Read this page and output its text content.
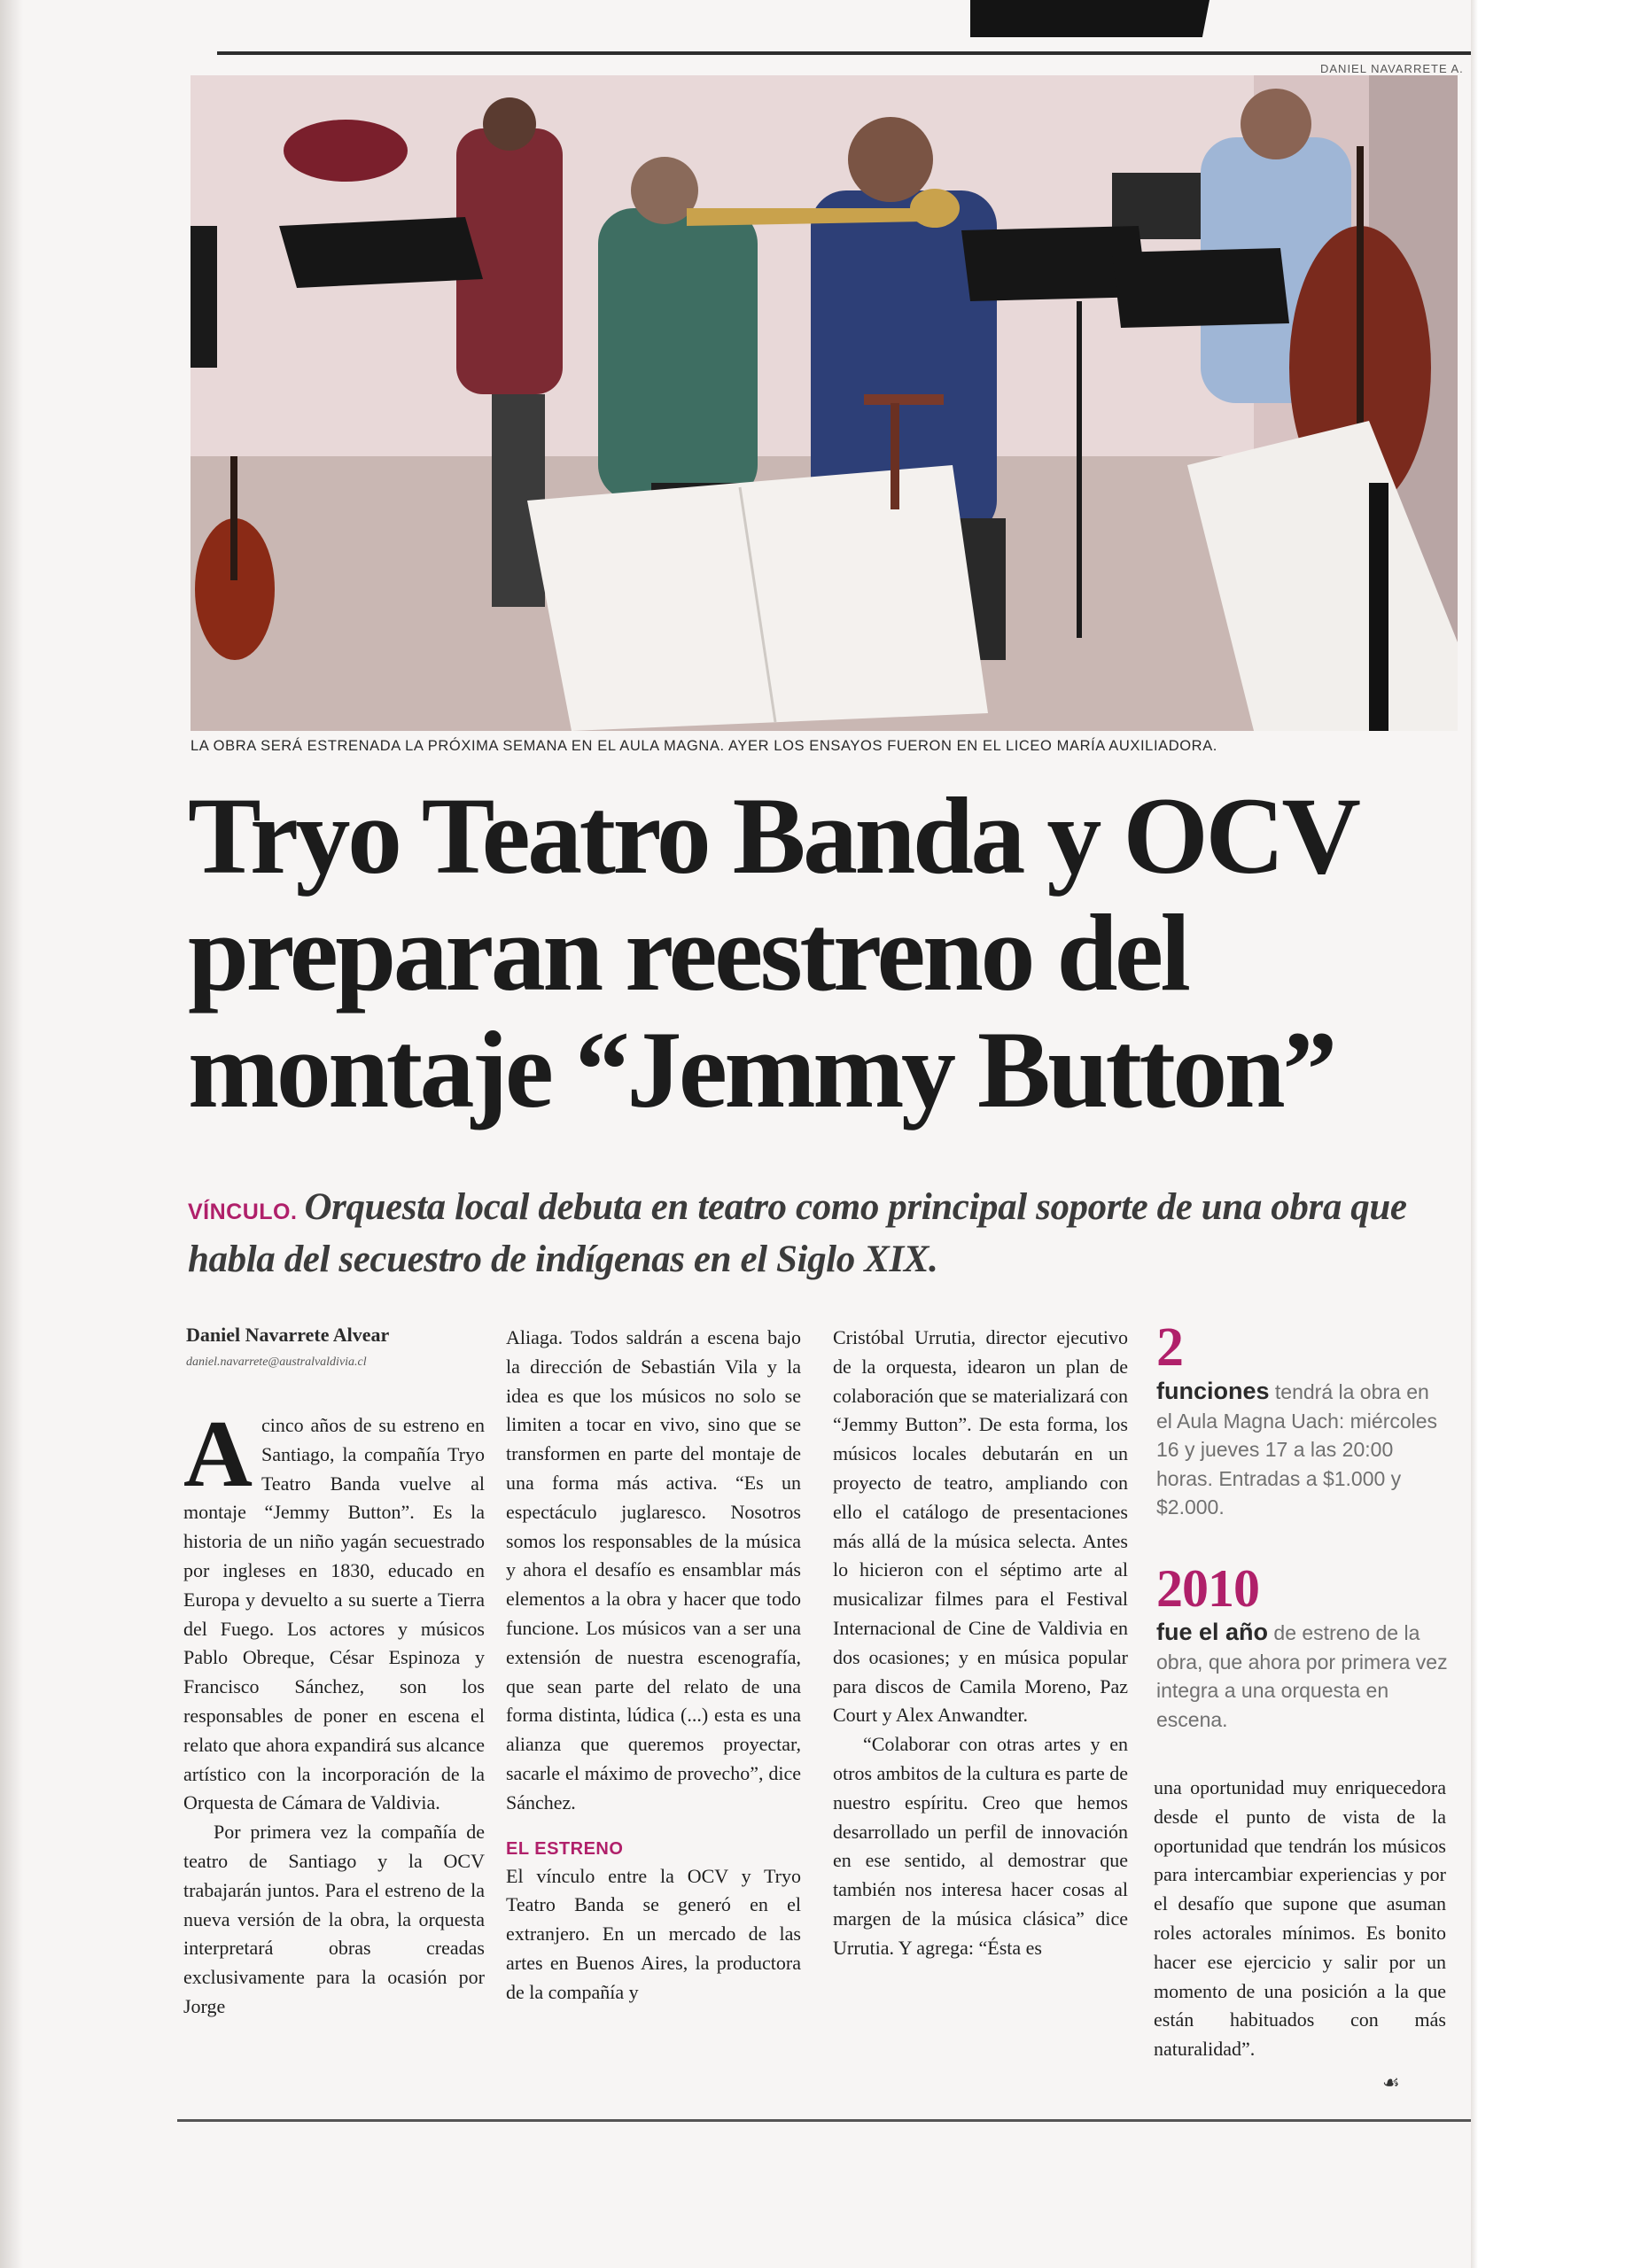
DANIEL NAVARRETE A.
LA OBRA SERÁ ESTRENADA LA PRÓXIMA SEMANA EN EL AULA MAGNA. AYER LOS ENSAYOS FUERON EN EL LICEO MARÍA AUXILIADORA.
Tryo Teatro Banda y OCV
preparan reestreno del
montaje “Jemmy Button”
VÍNCULO. Orquesta local debuta en teatro como principal soporte de una obra que habla del secuestro de indígenas en el Siglo XIX.
Daniel Navarrete Alvear
daniel.navarrete@australvaldivia.cl

Acinco años de su estreno en Santiago, la compañía Tryo Teatro Banda vuelve al montaje “Jemmy Button”. Es la historia de un niño yagán secuestrado por ingleses en 1830, educado en Europa y devuelto a su suerte a Tierra del Fuego. Los actores y músicos Pablo Obreque, César Espinoza y Francisco Sánchez, son los responsables de poner en escena el relato que ahora expandirá sus alcance artístico con la incorporación de la Orquesta de Cámara de Valdivia.

Por primera vez la compañía de teatro de Santiago y la OCV trabajarán juntos. Para el estreno de la nueva versión de la obra, la orquesta interpretará obras creadas exclusivamente para la ocasión por Jorge

Aliaga. Todos saldrán a escena bajo la dirección de Sebastián Vila y la idea es que los músicos no solo se limiten a tocar en vivo, sino que se transformen en parte del montaje de una forma más activa. “Es un espectáculo juglaresco. Nosotros somos los responsables de la música y ahora el desafío es ensamblar más elementos a la obra y hacer que todo funcione. Los músicos van a ser una extensión de nuestra escenografía, que sean parte del relato de una forma distinta, lúdica (...) esta es una alianza que queremos proyectar, sacarle el máximo de provecho”, dice Sánchez.

EL ESTRENO

El vínculo entre la OCV y Tryo Teatro Banda se generó en el extranjero. En un mercado de las artes en Buenos Aires, la productora de la compañía y

Cristóbal Urrutia, director ejecutivo de la orquesta, idearon un plan de colaboración que se materializará con “Jemmy Button”. De esta forma, los músicos locales debutarán en un proyecto de teatro, ampliando con ello el catálogo de presentaciones más allá de la música selecta. Antes lo hicieron con el séptimo arte al musicalizar filmes para el Festival Internacional de Cine de Valdivia en dos ocasiones; y en música popular para discos de Camila Moreno, Paz Court y Alex Anwandter.

“Colaborar con otras artes y en otros ambitos de la cultura es parte de nuestro espíritu. Creo que hemos desarrollado un perfil de innovación en ese sentido, al demostrar que también nos interesa hacer cosas al margen de la música clásica” dice Urrutia. Y agrega: “Ésta es

2
funciones tendrá la obra en el Aula Magna Uach: miércoles 16 y jueves 17 a las 20:00 horas. Entradas a $1.000 y $2.000.
2010
fue el año de estreno de la obra, que ahora por primera vez integra a una orquesta en escena.

una oportunidad muy enriquecedora desde el punto de vista de la oportunidad que tendrán los músicos para intercambiar experiencias y por el desafío que supone que asuman roles actorales mínimos. Es bonito hacer ese ejercicio y salir por un momento de una posición a la que están habituados con más naturalidad”.

☙
